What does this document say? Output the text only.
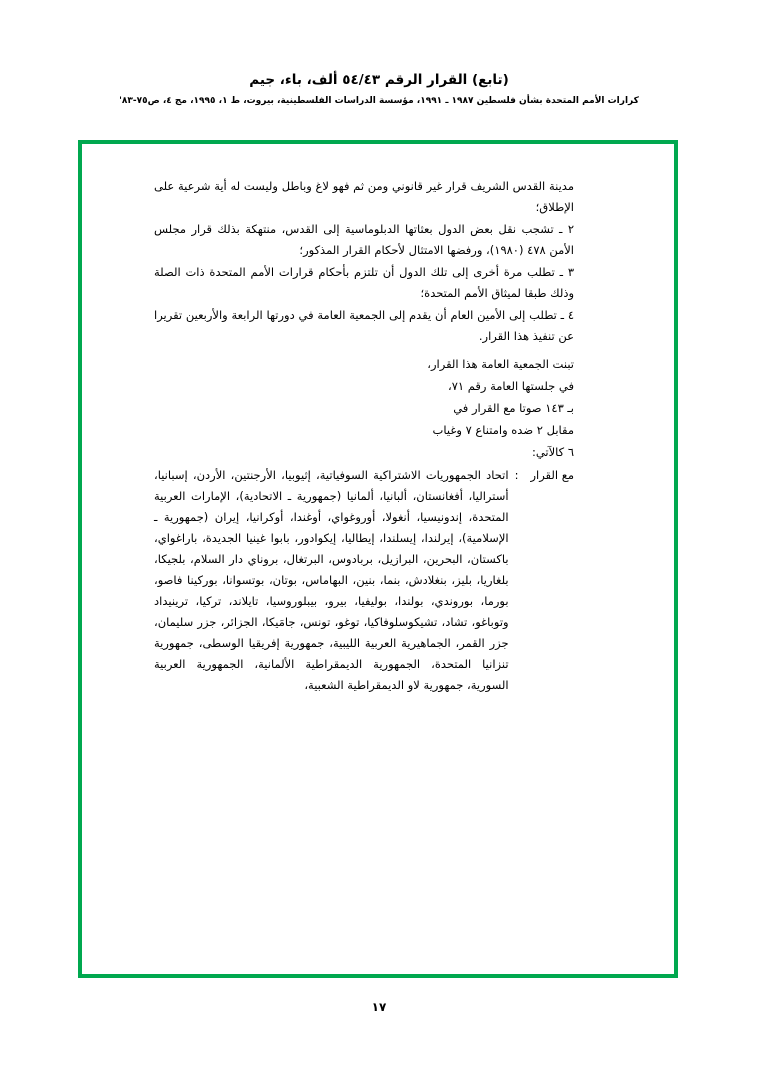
(تابع) القرار الرقم ٥٤/٤٣ ألف، باء، جيم
كرارات الأمم المتحدة بشأن فلسطين ١٩٨٧ ـ ١٩٩١، مؤسسة الدراسات الفلسطينية، بيروت، ط ١، ١٩٩٥، مج ٤، ص٧٥-٨٣'

مدينة القدس الشريف قرار غير قانوني ومن ثم فهو لاغ وباطل وليست له أية شرعية على الإطلاق؛

٢ ـ تشجب نقل بعض الدول بعثاتها الدبلوماسية إلى القدس، منتهكة بذلك قرار مجلس الأمن ٤٧٨ (١٩٨٠)، ورفضها الامتثال لأحكام القرار المذكور؛

٣ ـ تطلب مرة أخرى إلى تلك الدول أن تلتزم بأحكام قرارات الأمم المتحدة ذات الصلة وذلك طبقا لميثاق الأمم المتحدة؛

٤ ـ تطلب إلى الأمين العام أن يقدم إلى الجمعية العامة في دورتها الرابعة والأربعين تقريرا عن تنفيذ هذا القرار.

تبنت الجمعية العامة هذا القرار،

في جلستها العامة رقم ٧١،

بـ ١٤٣ صوتا مع القرار في

مقابل ٢ ضده وامتناع ٧ وغياب

٦ كالآتي:

مع القرار
:
اتحاد الجمهوريات الاشتراكية السوفياتية، إثيوبيا، الأرجنتين، الأردن، إسبانيا، أستراليا، أفغانستان، ألبانيا، ألمانيا (جمهورية ـ الاتحادية)، الإمارات العربية المتحدة، إندونيسيا، أنغولا، أوروغواي، أوغندا، أوكرانيا، إيران (جمهورية ـ الإسلامية)، إيرلندا، إيسلندا، إيطاليا، إيكوادور، بابوا غينيا الجديدة، باراغواي، باكستان، البحرين، البرازيل، بربادوس، البرتغال، بروناي دار السلام، بلجيكا، بلغاريا، بليز، بنغلادش، بنما، بنين، البهاماس، بوتان، بوتسوانا، بوركينا فاصو، بورما، بوروندي، بولندا، بوليفيا، بيرو، بيبلوروسيا، تايلاند، تركيا، ترينيداد وتوباغو، تشاد، تشيكوسلوفاكيا، توغو، تونس، جامَيكا، الجزائر، جزر سليمان، جزر القمر، الجماهيرية العربية الليبية، جمهورية إفريقيا الوسطى، جمهورية تنزانيا المتحدة، الجمهورية الديمقراطية الألمانية، الجمهورية العربية السورية، جمهورية لاو الديمقراطية الشعبية،
١٧
